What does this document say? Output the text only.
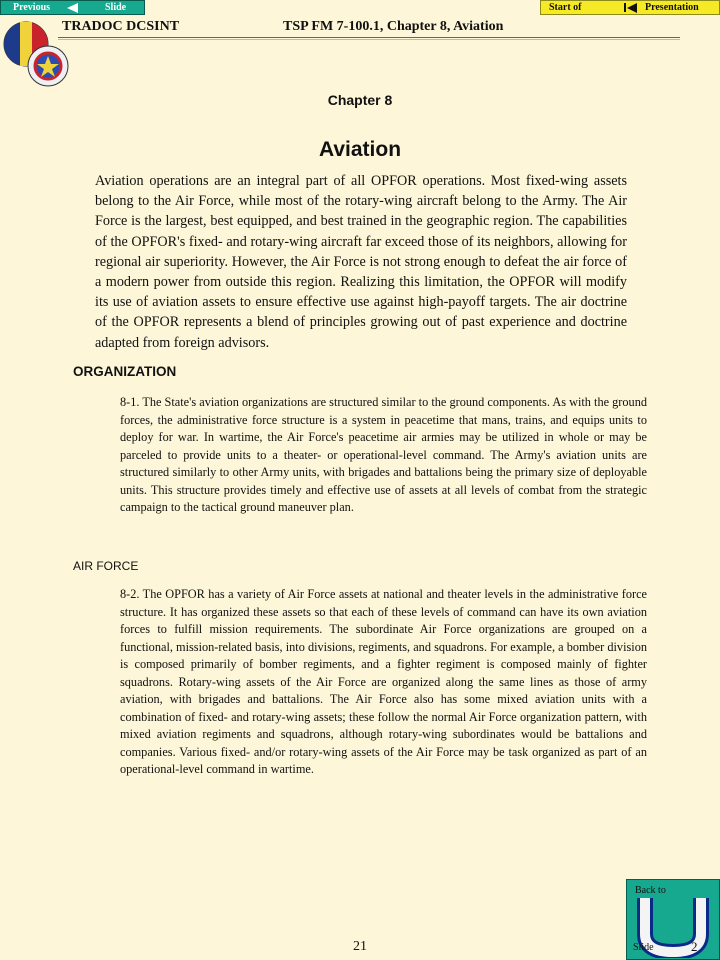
Previous	Slide	Start of	Presentation
TRADOC DCSINT	TSP FM 7-100.1, Chapter 8, Aviation
Chapter 8
Aviation

Aviation operations are an integral part of all OPFOR operations. Most fixed-wing assets belong to the Air Force, while most of the rotary-wing aircraft belong to the Army. The Air Force is the largest, best equipped, and best trained in the geographic region. The capabilities of the OPFOR's fixed- and rotary-wing aircraft far exceed those of its neighbors, allowing for regional air superiority. However, the Air Force is not strong enough to defeat the air force of a modern power from outside this region. Realizing this limitation, the OPFOR will modify its use of aviation assets to ensure effective use against high-payoff targets. The air doctrine of the OPFOR represents a blend of principles growing out of past experience and doctrine adapted from foreign advisors.

ORGANIZATION

8-1. The State's aviation organizations are structured similar to the ground components. As with the ground forces, the administrative force structure is a system in peacetime that mans, trains, and equips units to deploy for war. In wartime, the Air Force's peacetime air armies may be utilized in whole or may be parceled to provide units to a theater- or operational-level command. The Army's aviation units are structured similarly to other Army units, with brigades and battalions being the primary size of deployable units. This structure provides timely and effective use of assets at all levels of combat from the strategic campaign to the tactical ground maneuver plan.

AIR FORCE

8-2. The OPFOR has a variety of Air Force assets at national and theater levels in the administrative force structure. It has organized these assets so that each of these levels of command can have its own aviation forces to fulfill mission requirements. The subordinate Air Force organizations are grouped on a functional, mission-related basis, into divisions, regiments, and squadrons. For example, a bomber division is composed primarily of bomber regiments, and a fighter regiment is composed mainly of fighter squadrons. Rotary-wing assets of the Air Force are organized along the same lines as those of army aviation, with brigades and battalions. The Air Force also has some mixed aviation units with a combination of fixed- and rotary-wing assets; these follow the normal Air Force organization pattern, with mixed aviation regiments and squadrons, although rotary-wing subordinates would be battalions and companies. Various fixed- and/or rotary-wing assets of the Air Force may be task organized as part of an operational-level command in wartime.

21
Back to
Slide	2
